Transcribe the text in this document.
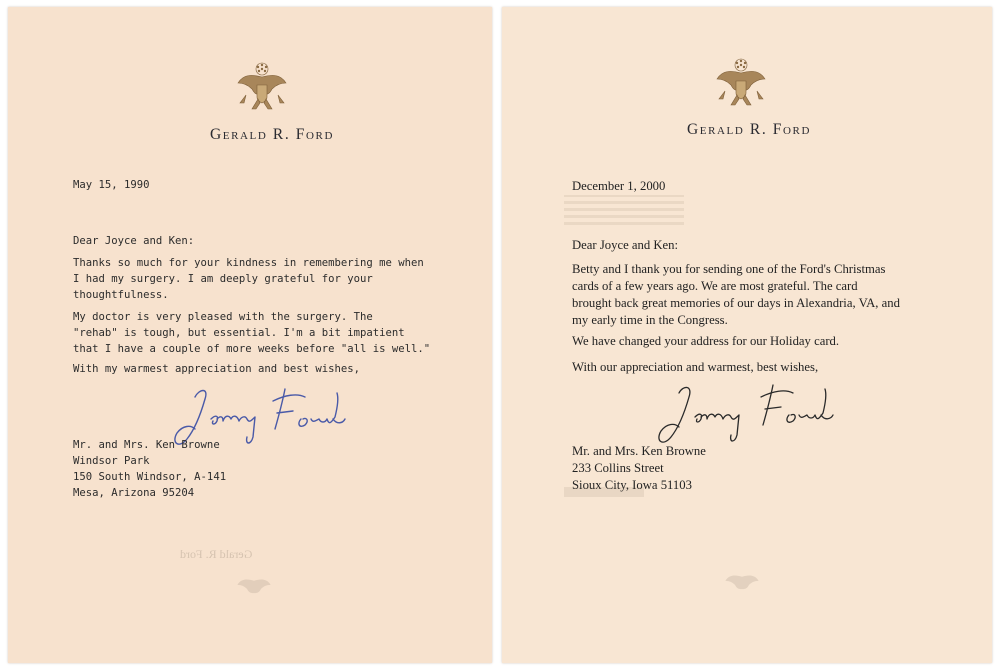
Gerald R. Ford
May 15, 1990
Dear Joyce and Ken:
Thanks so much for your kindness in remembering me when
I had my surgery. I am deeply grateful for your
thoughtfulness.
My doctor is very pleased with the surgery. The
"rehab" is tough, but essential. I'm a bit impatient
that I have a couple of more weeks before "all is well."
With my warmest appreciation and best wishes,
Mr. and Mrs. Ken Browne
Windsor Park
150 South Windsor, A-141
Mesa, Arizona 95204
Gerald R. Ford
Gerald R. Ford
December 1, 2000
Dear Joyce and Ken:
Betty and I thank you for sending one of the Ford's Christmas
cards of a few years ago. We are most grateful. The card
brought back great memories of our days in Alexandria, VA, and
my early time in the Congress.
We have changed your address for our Holiday card.
With our appreciation and warmest, best wishes,
Mr. and Mrs. Ken Browne
233 Collins Street
Sioux City, Iowa 51103
